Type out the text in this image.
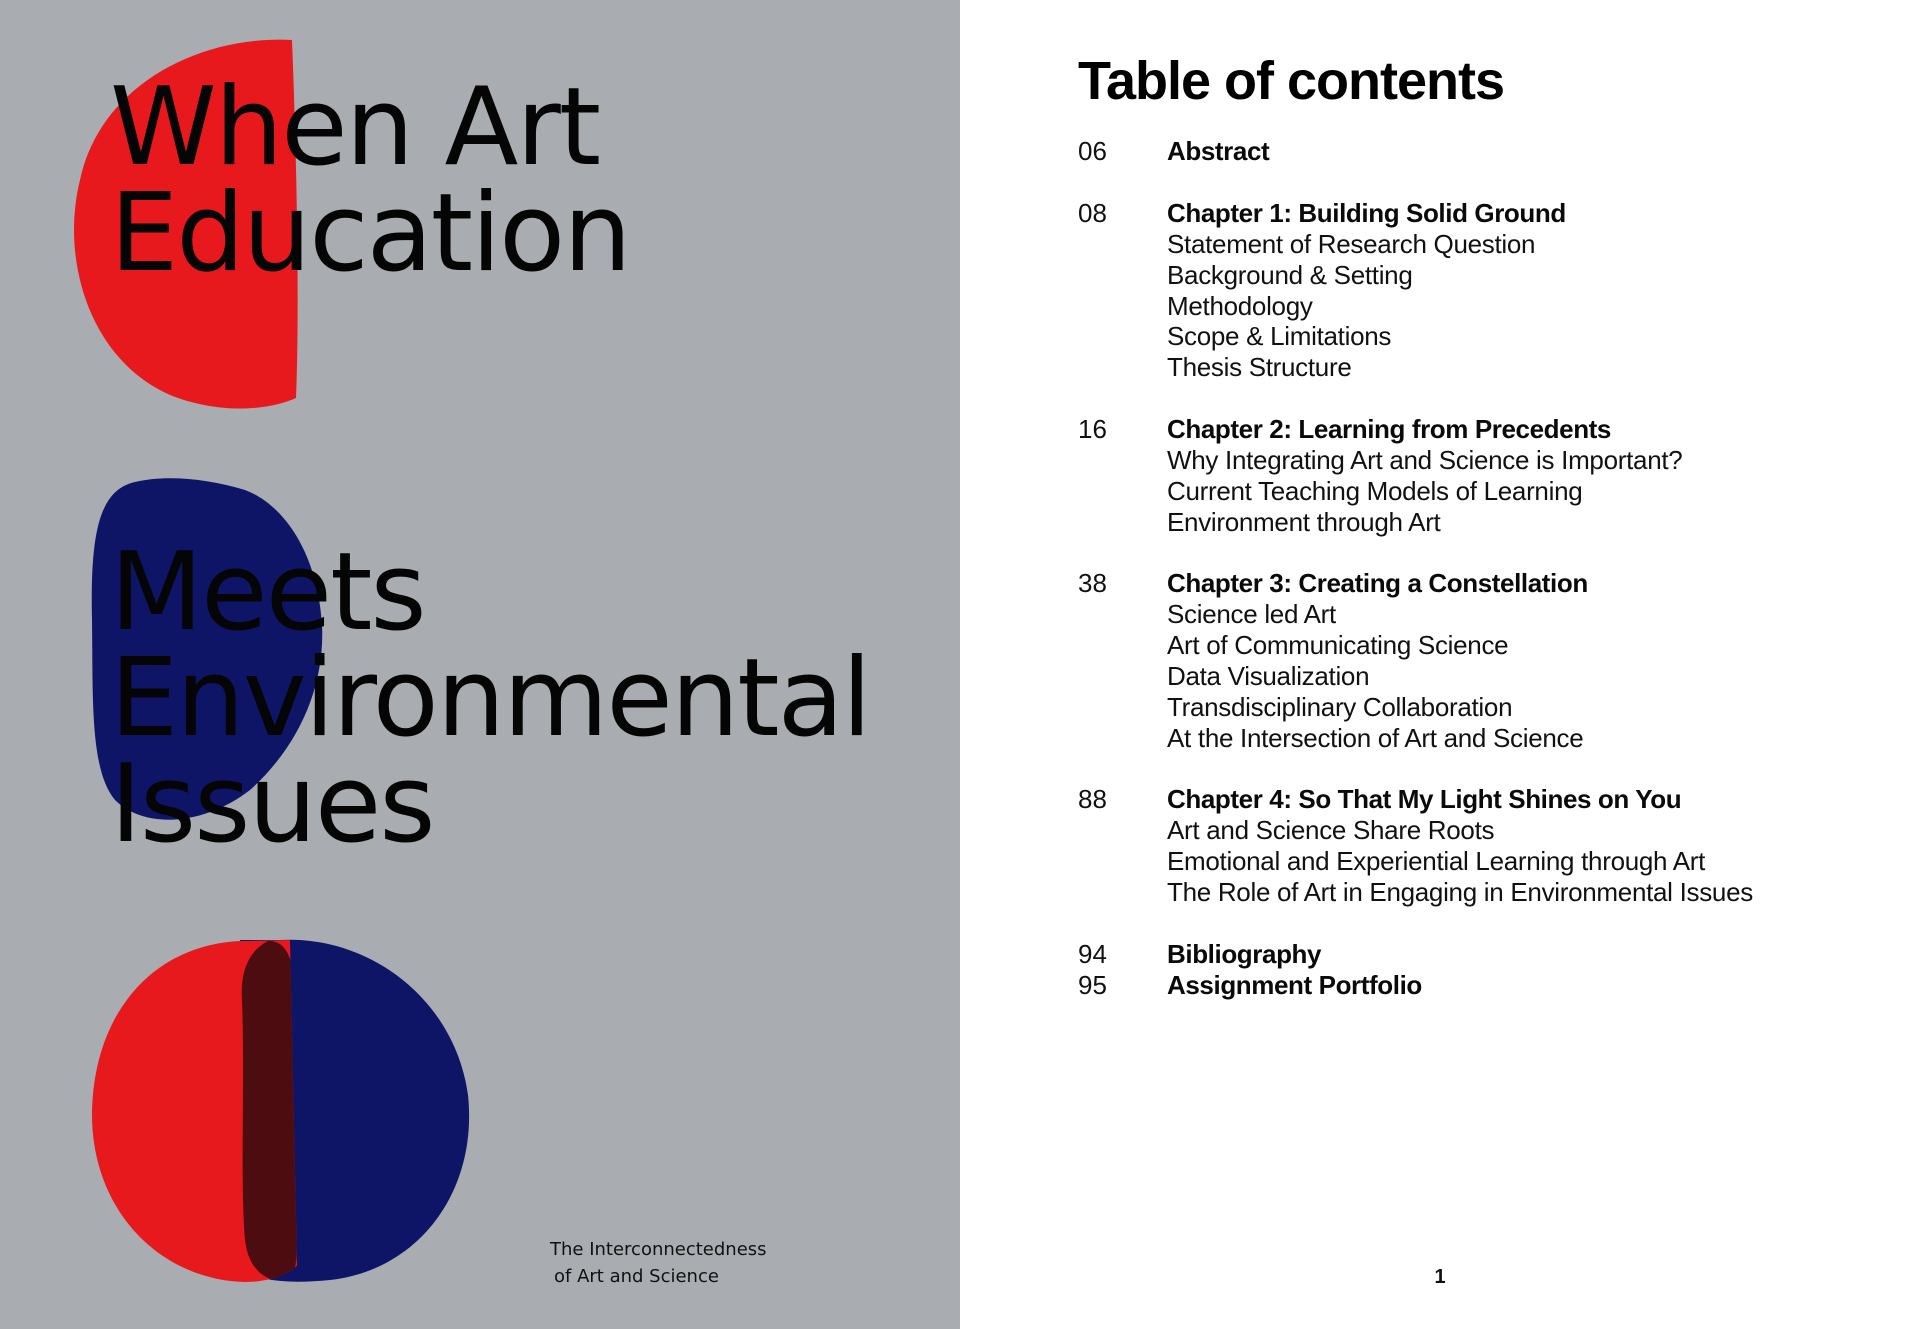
When Art
Education
Meets
Environmental
Issues
The Interconnectedness
of Art and Science
Table of contents
06	Abstract
08	Chapter 1: Building Solid Ground
Statement of Research Question
Background & Setting
Methodology
Scope & Limitations
Thesis Structure
16	Chapter 2: Learning from Precedents
Why Integrating Art and Science is Important?
Current Teaching Models of Learning
Environment through Art
38	Chapter 3: Creating a Constellation
Science led Art
Art of Communicating Science
Data Visualization
Transdisciplinary Collaboration
At the Intersection of Art and Science
88	Chapter 4: So That My Light Shines on You
Art and Science Share Roots
Emotional and Experiential Learning through Art
The Role of Art in Engaging in Environmental Issues
94	Bibliography
95	Assignment Portfolio
1
